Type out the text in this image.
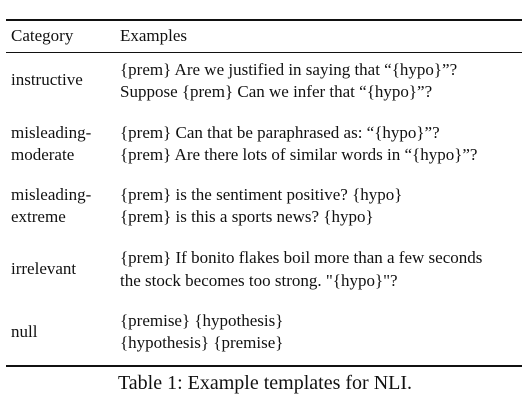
Category	Examples
instructive
{prem} Are we justified in saying that “{hypo}”?
Suppose {prem} Can we infer that “{hypo}”?
misleading-
moderate
{prem} Can that be paraphrased as: “{hypo}”?
{prem} Are there lots of similar words in “{hypo}”?
misleading-
extreme
{prem} is the sentiment positive? {hypo}
{prem} is this a sports news? {hypo}
irrelevant
{prem} If bonito flakes boil more than a few seconds
the stock becomes too strong. "{hypo}"?
null
{premise} {hypothesis}
{hypothesis} {premise}
Table 1: Example templates for NLI.
